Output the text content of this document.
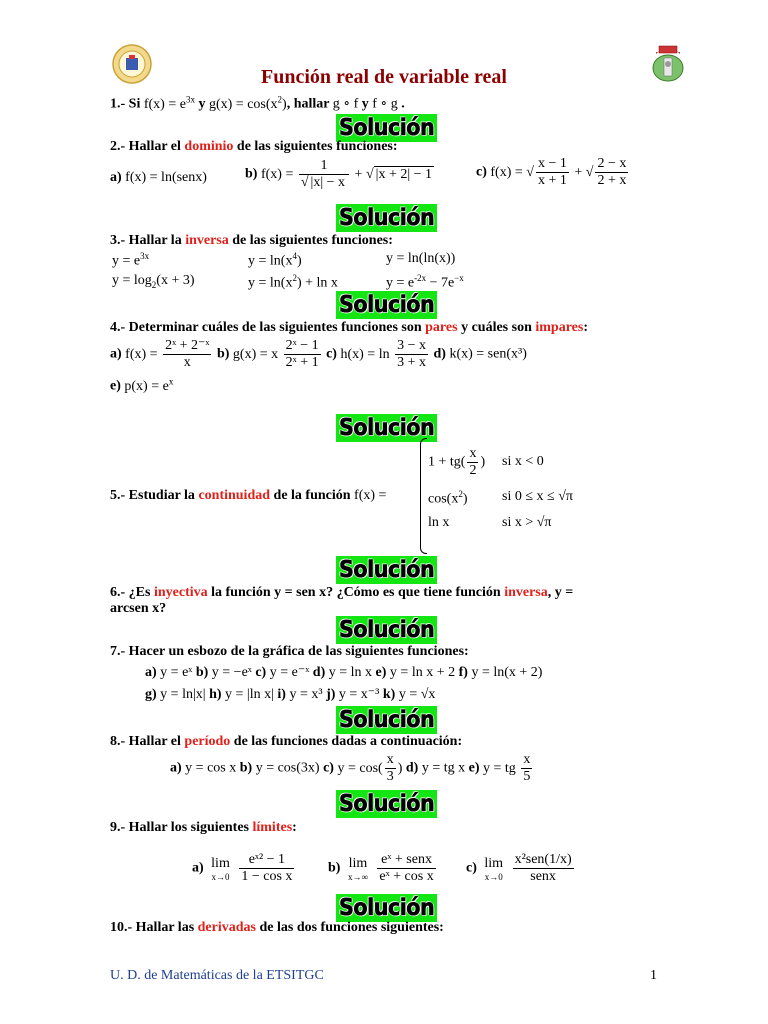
Función real de variable real
1.- Si $f(x) = e^{3x}$ y $g(x) = \cos(x^2)$, hallar g ∘ f y f ∘ g .
Solución
2.- Hallar el dominio de las siguientes funciones:
a) f(x) = ln(senx)	b) $f(x) = \frac{1}{√ |x| - x}$ + √ |x + 2| − 1	c) f(x) = √ $\frac{x - 1}{x + 1}$ + √ $\frac{2 - x}{2 + x}$
Solución
3.- Hallar la inversa de las siguientes funciones:
$y = e^{3x}$	$y = \ln(x^4)$	y = ln(ln(x))
$y = \log_2(x + 3)$	$y = \ln(x^2) + \ln x$	$y = e^{-2x} - 7e^{-x}$
Solución
4.- Determinar cuáles de las siguientes funciones son pares y cuáles son impares:
a) $f(x) = \frac{\text{2ˣ + 2⁻ˣ}}{x} b$) g(x) = x $\frac{\text{2ˣ − 1}}{\text{2ˣ + 1}} c$) $h(x) = \ln \frac{3 - x}{3 + x} d$) k(x) = sen(x³)
e) $p(x) = e^x$
Solución
5.- Estudiar la continuidad de la función f(x) =
$1 + tg( \frac{x}{2}$ ) si x < 0
$\cos(x^2)$ si 0 ≤ x ≤ √π
ln x	si x > √π
Solución
6.- ¿Es inyectiva la función y = sen x? ¿Cómo es que tiene función inversa, y =
arcsen x?
Solución
7.- Hacer un esbozo de la gráfica de las siguientes funciones:
a) y = eˣ b) y = −eˣ c) y = e⁻ˣ d) y = ln x e) y = ln x + 2 f) y = ln(x + 2)
g) y = ln|x| h) y = |ln x| i) y = x³ j) y = x⁻³ k) y = √x
Solución
8.- Hallar el período de las funciones dadas a continuación:
a) y = cos x b) y = cos(3x) c) $y = \cos( \frac{x}{3}$ ) d) y = tg x e) y = tg $\frac{x}{5}$
Solución
9.- Hallar los siguientes límites:
a) lim
x→0
$\frac{\text{eˣ² − 1}}{\text{1 − cos x}} b$) lim
x→∞
$\frac{\text{eˣ + senx}}{\text{eˣ + cos x}} c$) lim
x→0
$\frac{\text{x²sen(1/x)}}{\text{senx}}$
Solución
10.- Hallar las derivadas de las dos funciones siguientes:
U. D. de Matemáticas de la ETSITGC	1
